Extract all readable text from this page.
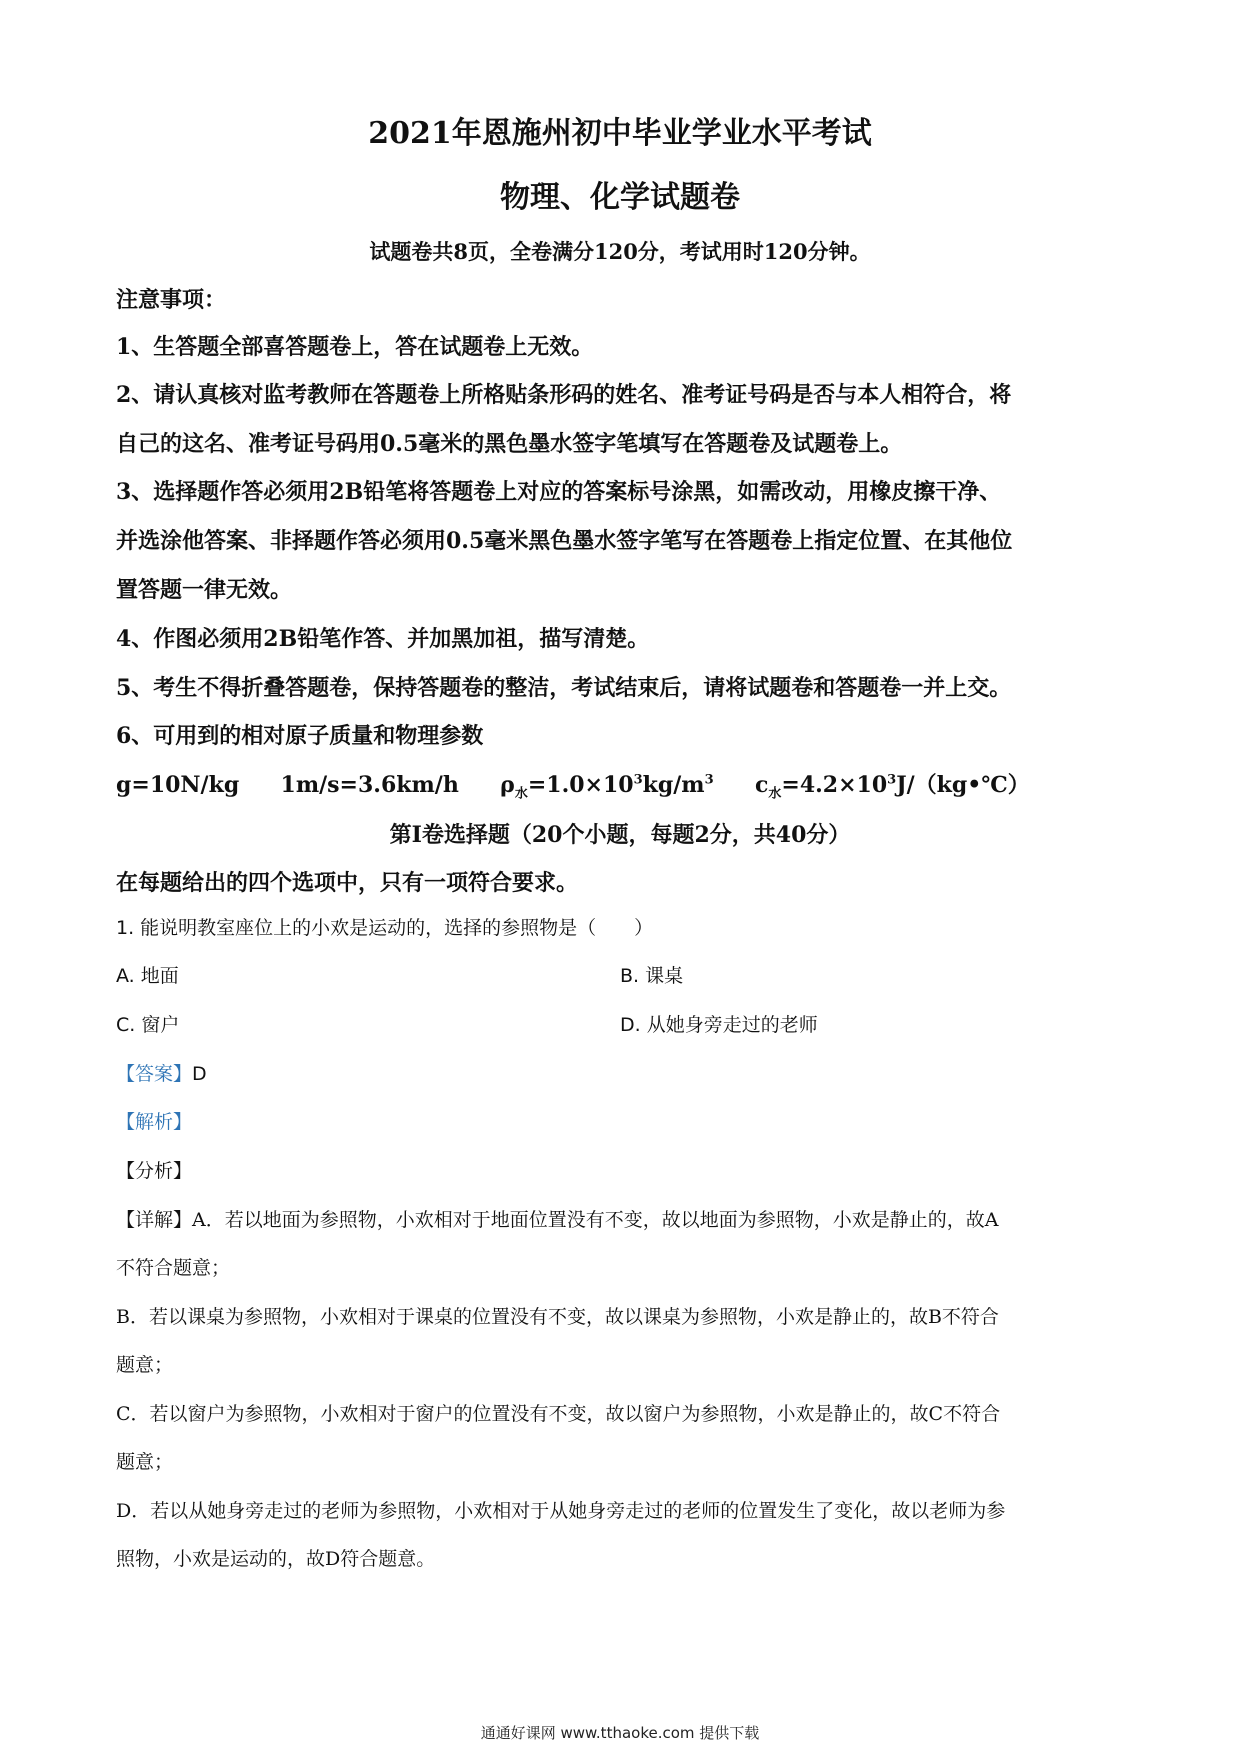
2021年恩施州初中毕业学业水平考试
物理、化学试题卷
试题卷共8页，全卷满分120分，考试用时120分钟。
注意事项：
1、生答题全部喜答题卷上，答在试题卷上无效。
2、请认真核对监考教师在答题卷上所格贴条形码的姓名、准考证号码是否与本人相符合，将
自己的这名、准考证号码用0.5毫米的黑色墨水签字笔填写在答题卷及试题卷上。
3、选择题作答必须用2B铅笔将答题卷上对应的答案标号涂黑，如需改动，用橡皮擦干净、
并选涂他答案、非择题作答必须用0.5毫米黑色墨水签字笔写在答题卷上指定位置、在其他位
置答题一律无效。
4、作图必须用2B铅笔作答、并加黑加祖，描写清楚。
5、考生不得折叠答题卷，保持答题卷的整洁，考试结束后，请将试题卷和答题卷一并上交。
6、可用到的相对原子质量和物理参数
g=10N/kg 1m/s=3.6km/h $\rho_水=1.0\times 10^3kg/m^3$ $c_水=4.2\times 10^3J/(kg•℃)$
第I卷选择题（20个小题，每题2分，共40分）
在每题给出的四个选项中，只有一项符合要求。
1. 能说明教室座位上的小欢是运动的，选择的参照物是（　　）
A. 地面	B. 课桌
C. 窗户	D. 从她身旁走过的老师
【答案】D
【解析】
【分析】
【详解】A．若以地面为参照物，小欢相对于地面位置没有不变，故以地面为参照物，小欢是静止的，故A
不符合题意；
B．若以课桌为参照物，小欢相对于课桌的位置没有不变，故以课桌为参照物，小欢是静止的，故B不符合
题意；
C．若以窗户为参照物，小欢相对于窗户的位置没有不变，故以窗户为参照物，小欢是静止的，故C不符合
题意；
D．若以从她身旁走过的老师为参照物，小欢相对于从她身旁走过的老师的位置发生了变化，故以老师为参
照物，小欢是运动的，故D符合题意。
通通好课网 www.tthaoke.com 提供下载
